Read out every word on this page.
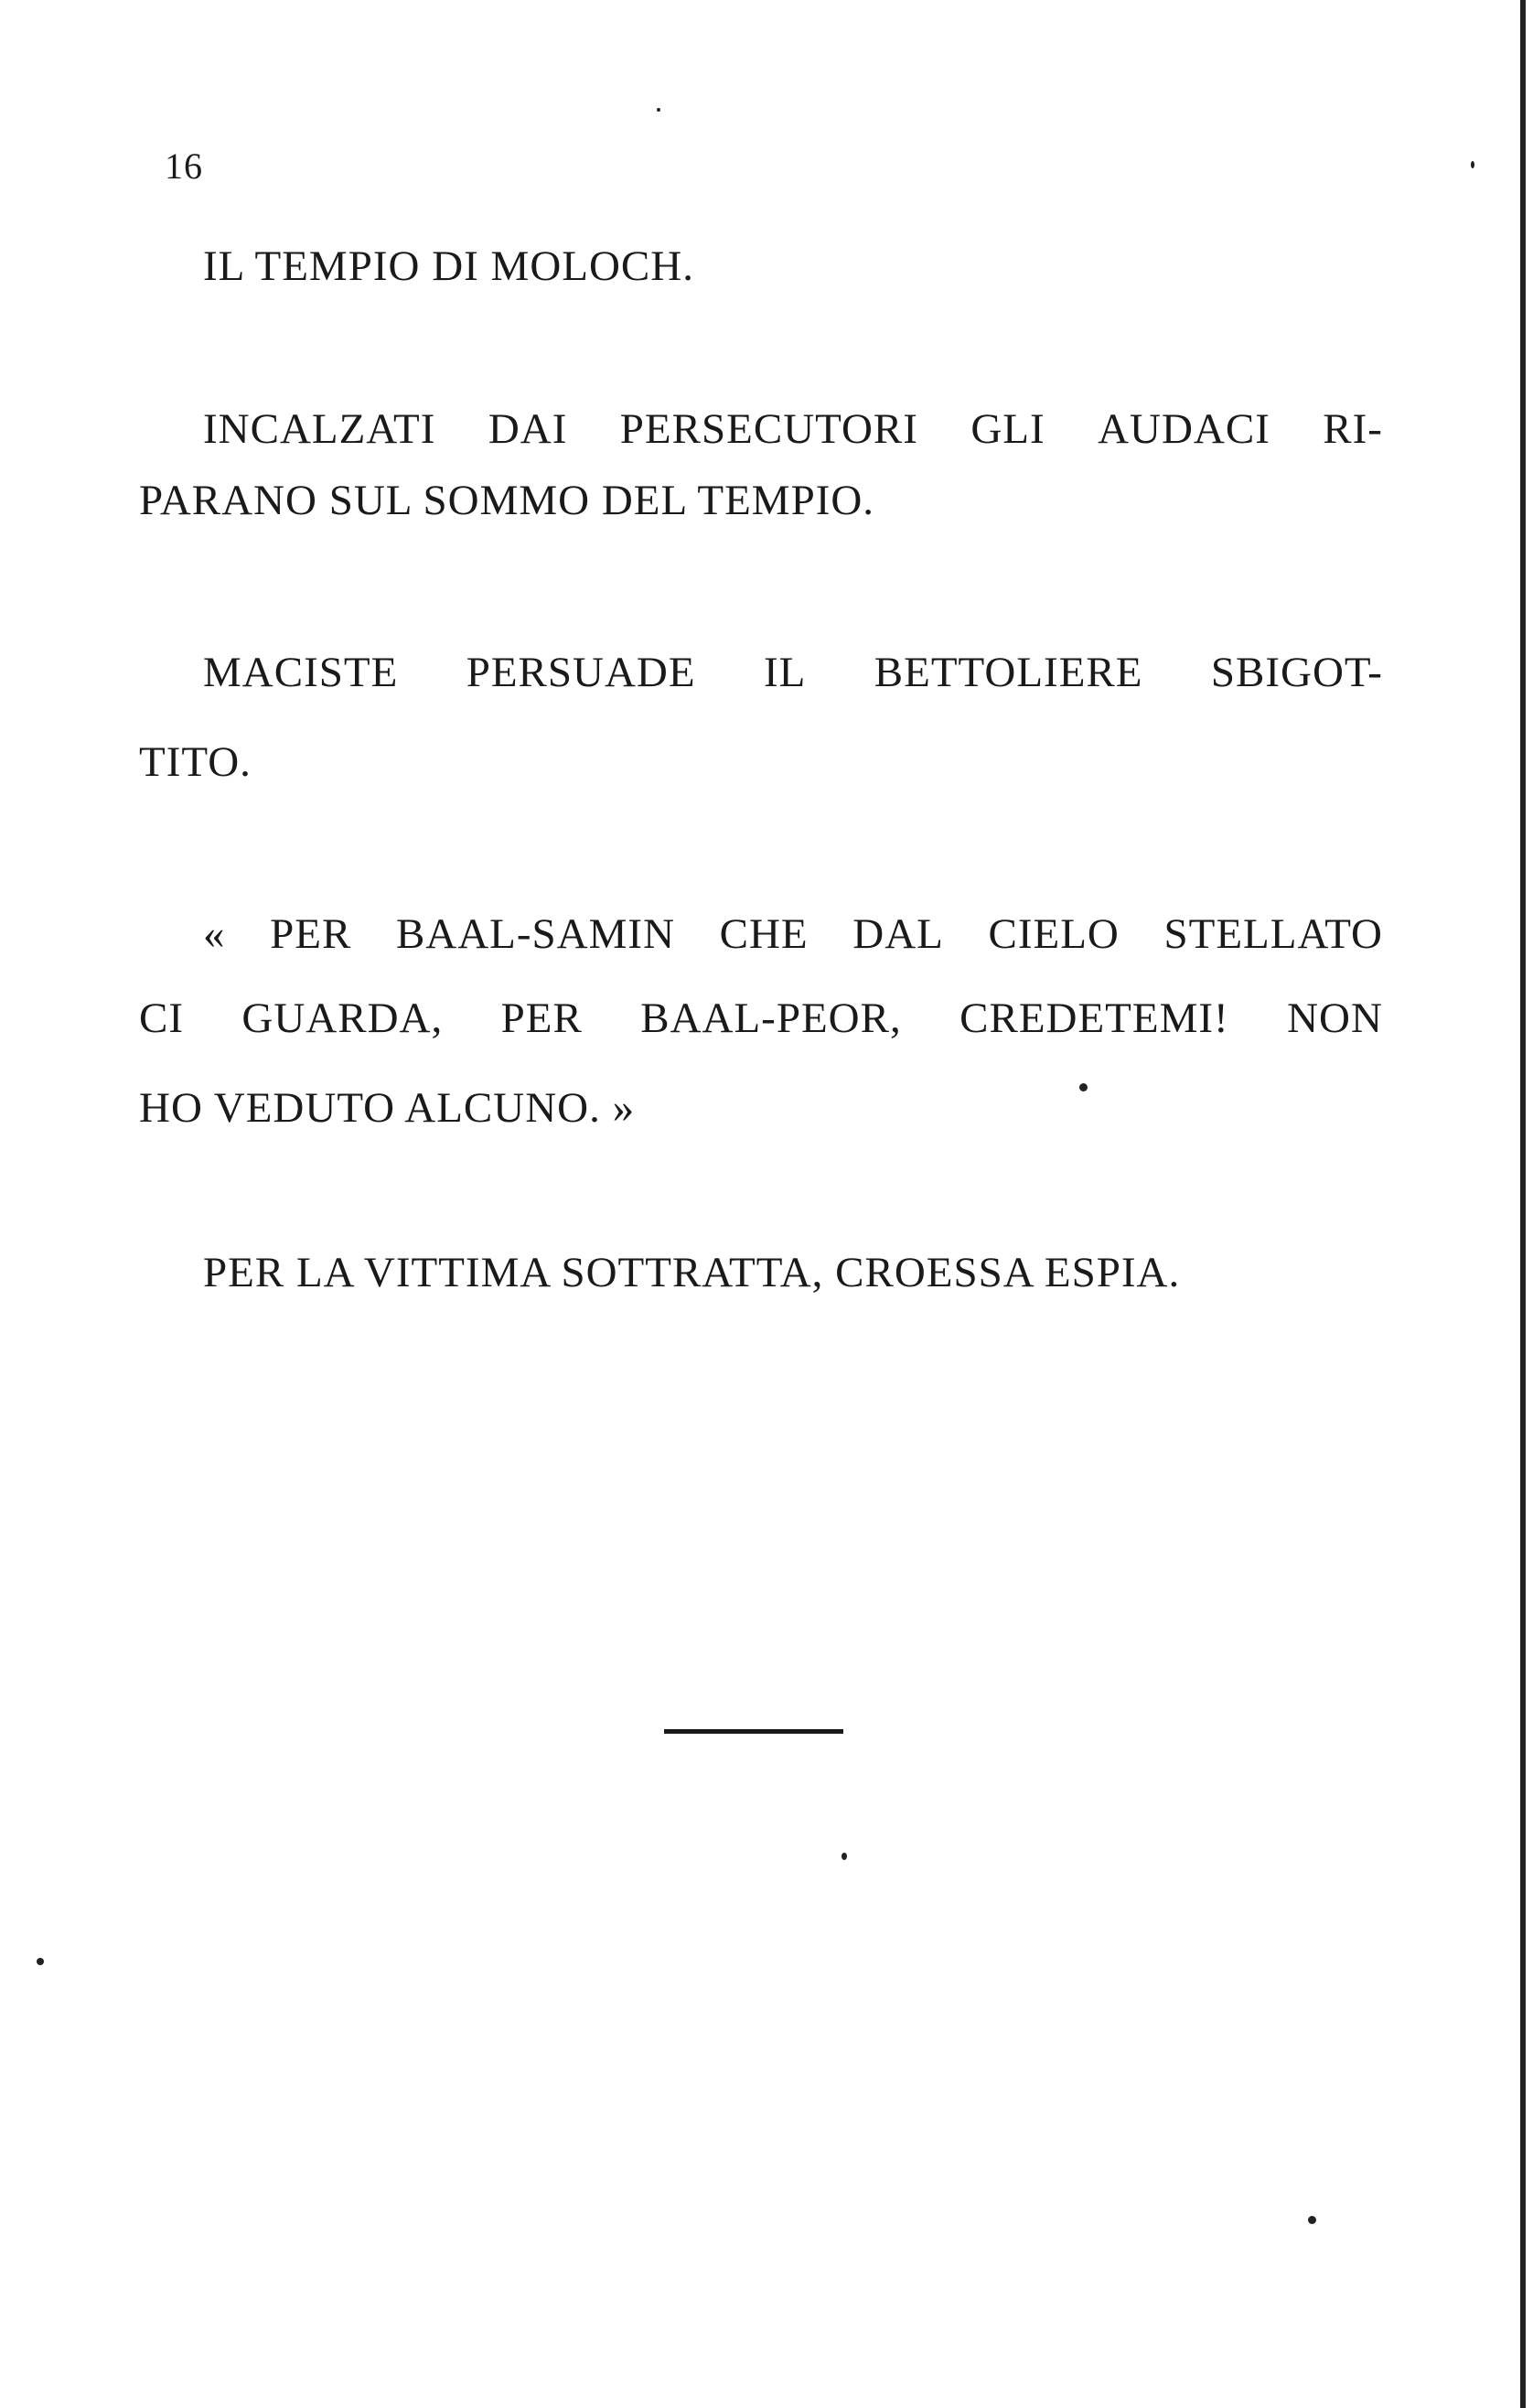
16
IL TEMPIO DI MOLOCH.
INCALZATI DAI PERSECUTORI GLI AUDACI RI-
PARANO SUL SOMMO DEL TEMPIO.
MACISTE PERSUADE IL BETTOLIERE SBIGOT-
TITO.
« PER BAAL-SAMIN CHE DAL CIELO STELLATO
CI GUARDA, PER BAAL-PEOR, CREDETEMI! NON
HO VEDUTO ALCUNO. »
PER LA VITTIMA SOTTRATTA, CROESSA ESPIA.
